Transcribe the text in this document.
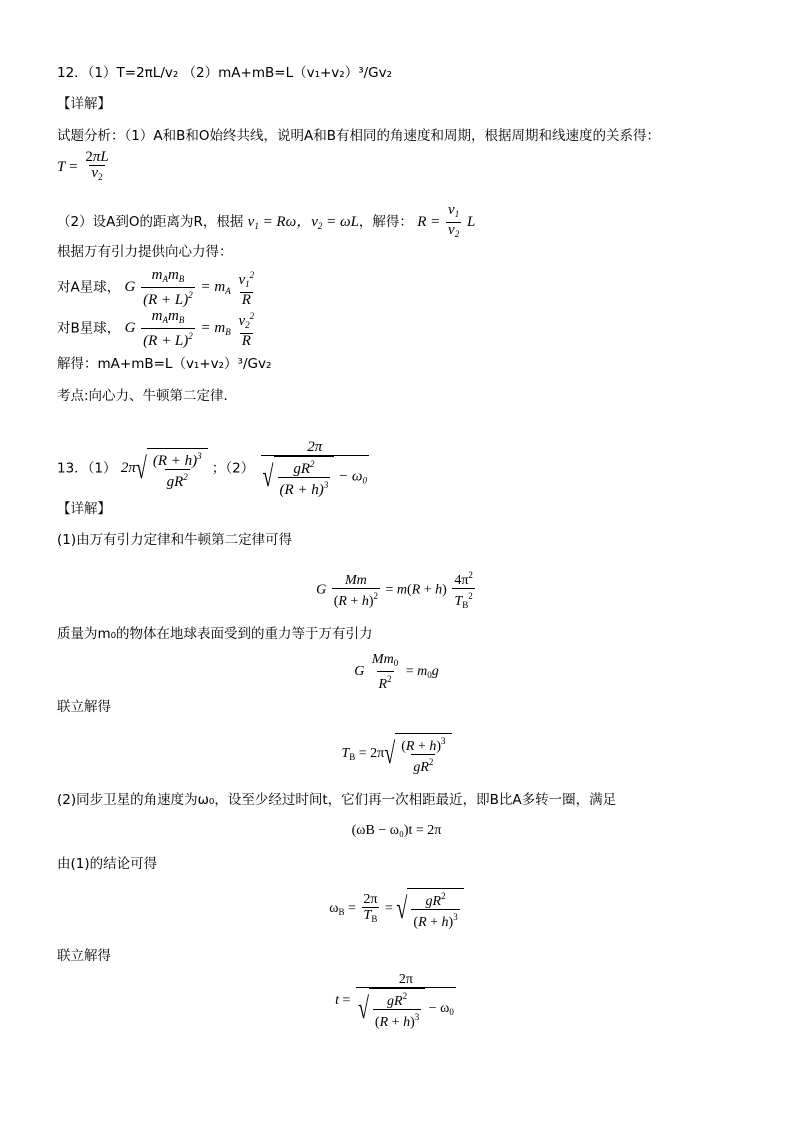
12．（1）T=2πL/v₂ （2）mA+mB=L（v₁+v₂）³/Gv₂
【详解】
试题分析：（1）A和B和O始终共线，说明A和B有相同的角速度和周期，根据周期和线速度的关系得：
$T = \frac{2\pi L}{v_2}$
（2）设A到O的距离为R，根据 $v_1 = R\omega$，$v_2 = \omega L$，解得： $R = \frac{v_1}{v_2}$ L
根据万有引力提供向心力得：
对A星球， G $\frac{m_Am_B}{(R + L)^2} = m_A \frac{v_1^2}{R}$
对B星球， G $\frac{m_Am_B}{(R + L)^2} = m_B \frac{v_2^2}{R}$
解得：mA+mB=L（v₁+v₂）³/Gv₂
考点:向心力、牛顿第二定律．
13．（1） 2π √ $\frac{(R + h)^3}{gR^2}$ ；$(2) \frac{2\pi}{√ \frac{gR^2}{(R + h)^3} - \omega_0}$
【详解】
(1)由万有引力定律和牛顿第二定律可得
G $\frac{Mm}{(R + h)^2} = m(R + h) \frac{4\pi^2}{T_B^2}$
质量为m₀的物体在地球表面受到的重力等于万有引力
G $\frac{Mm_0}{R^2} = m_0g$
联立解得
$T_B = 2\pi$ √ $\frac{(R + h)^3}{gR^2}$
(2)同步卫星的角速度为ω₀，设至少经过时间t，它们再一次相距最近，即B比A多转一圈，满足
(ωB − ω₀)t = 2π
由(1)的结论可得
$\omega_B = \frac{2\pi}{T_B}$ = √ $\frac{gR^2}{(R + h)^3}$
联立解得
$t = \frac{2\pi}{√ \frac{gR^2}{(R + h)^3} - \omega_0}$
